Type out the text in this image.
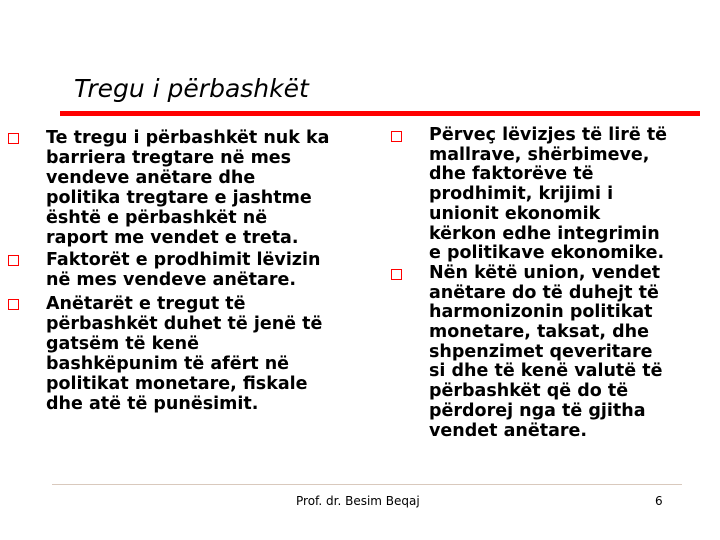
Tregu i përbashkët
Te tregu i përbashkët nuk ka
barriera tregtare në mes
vendeve anëtare dhe
politika tregtare e jashtme
është e përbashkët në
raport me vendet e treta.
Faktorët e prodhimit lëvizin
në mes vendeve anëtare.
Anëtarët e tregut të
përbashkët duhet të jenë të
gatsëm të kenë
bashkëpunim të afërt në
politikat monetare, fiskale
dhe atë të punësimit.
Përveç lëvizjes të lirë të
mallrave, shërbimeve,
dhe faktorëve të
prodhimit, krijimi i
unionit ekonomik
kërkon edhe integrimin
e politikave ekonomike.
Nën këtë union, vendet
anëtare do të duhejt të
harmonizonin politikat
monetare, taksat, dhe
shpenzimet qeveritare
si dhe të kenë valutë të
përbashkët që do të
përdorej nga të gjitha
vendet anëtare.
Prof. dr. Besim Beqaj	6
